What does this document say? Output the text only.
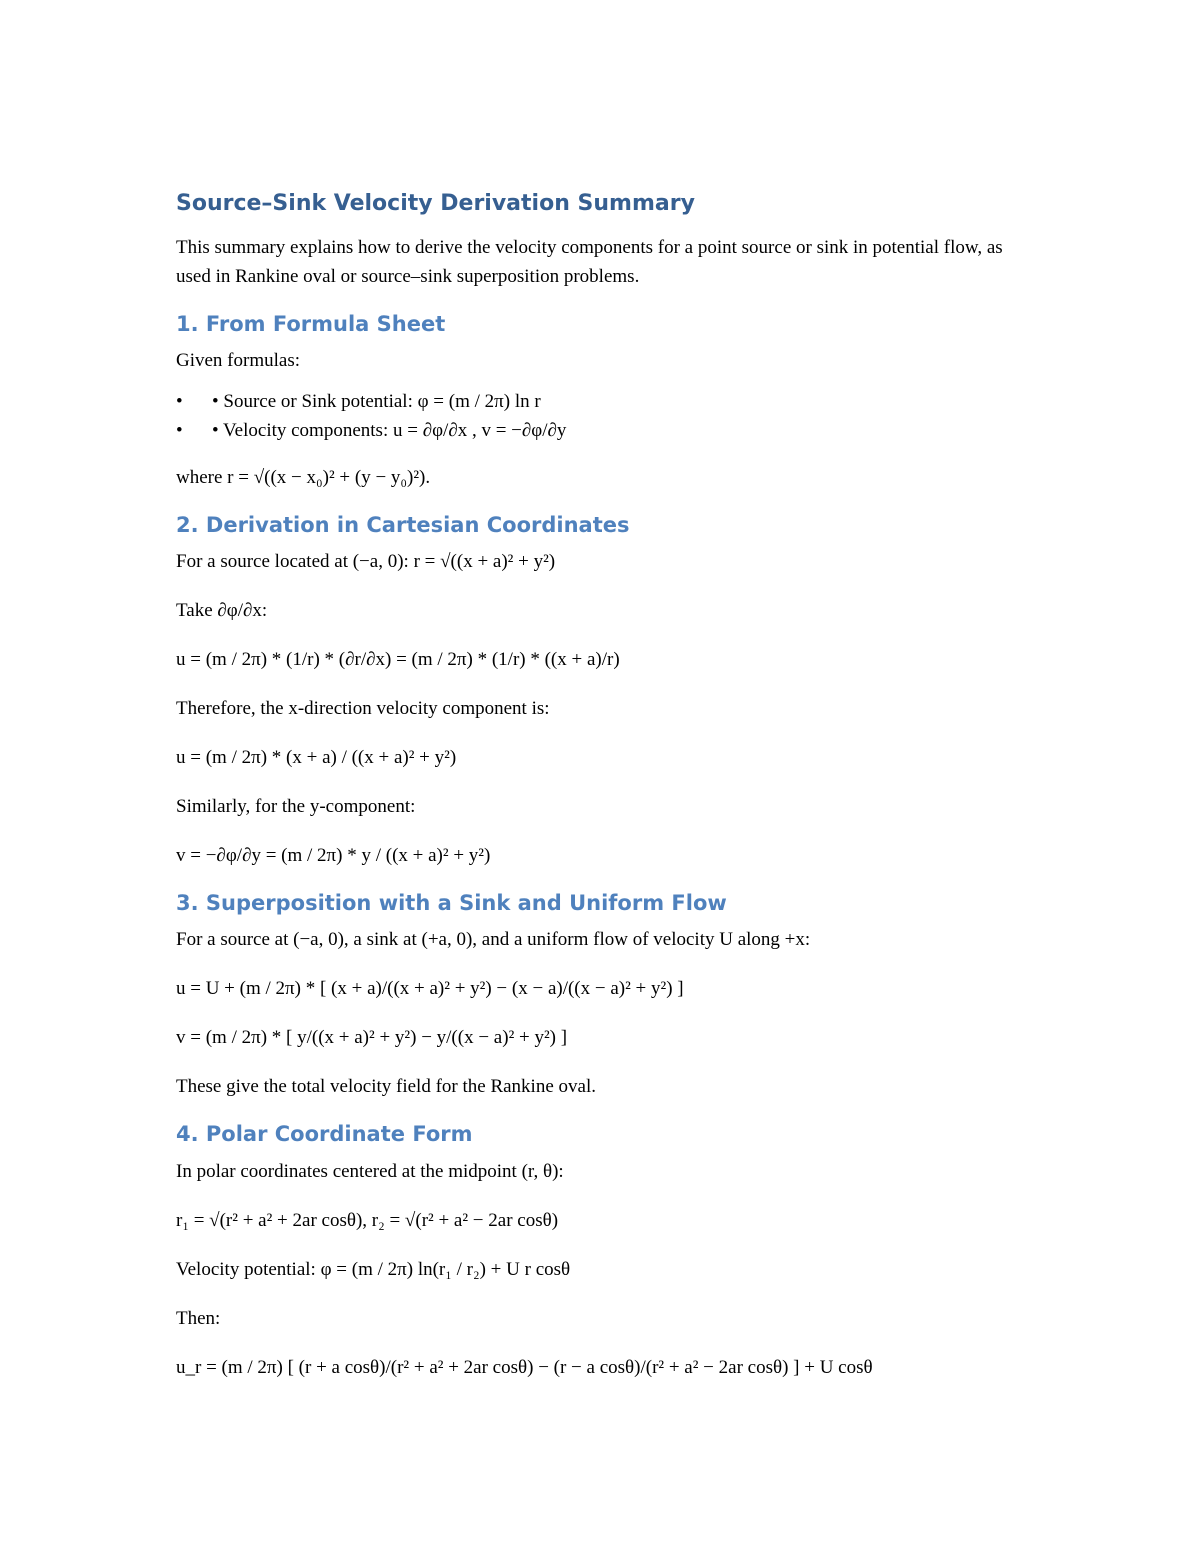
Source–Sink Velocity Derivation Summary

This summary explains how to derive the velocity components for a point source or sink in potential flow, as used in Rankine oval or source–sink superposition problems.

1. From Formula Sheet

Given formulas:

• • Source or Sink potential: φ = (m / 2π) ln r
• • Velocity components: u = ∂φ/∂x , v = −∂φ/∂y

where r = √((x − x₀)² + (y − y₀)²).

2. Derivation in Cartesian Coordinates

For a source located at (−a, 0): r = √((x + a)² + y²)

Take ∂φ/∂x:

u = (m / 2π) * (1/r) * (∂r/∂x) = (m / 2π) * (1/r) * ((x + a)/r)

Therefore, the x-direction velocity component is:

u = (m / 2π) * (x + a) / ((x + a)² + y²)

Similarly, for the y-component:

v = −∂φ/∂y = (m / 2π) * y / ((x + a)² + y²)

3. Superposition with a Sink and Uniform Flow

For a source at (−a, 0), a sink at (+a, 0), and a uniform flow of velocity U along +x:

u = U + (m / 2π) * [ (x + a)/((x + a)² + y²) − (x − a)/((x − a)² + y²) ]

v = (m / 2π) * [ y/((x + a)² + y²) − y/((x − a)² + y²) ]

These give the total velocity field for the Rankine oval.

4. Polar Coordinate Form

In polar coordinates centered at the midpoint (r, θ):

r₁ = √(r² + a² + 2ar cosθ), r₂ = √(r² + a² − 2ar cosθ)

Velocity potential: φ = (m / 2π) ln(r₁ / r₂) + U r cosθ

Then:

u_r = (m / 2π) [ (r + a cosθ)/(r² + a² + 2ar cosθ) − (r − a cosθ)/(r² + a² − 2ar cosθ) ] + U cosθ
